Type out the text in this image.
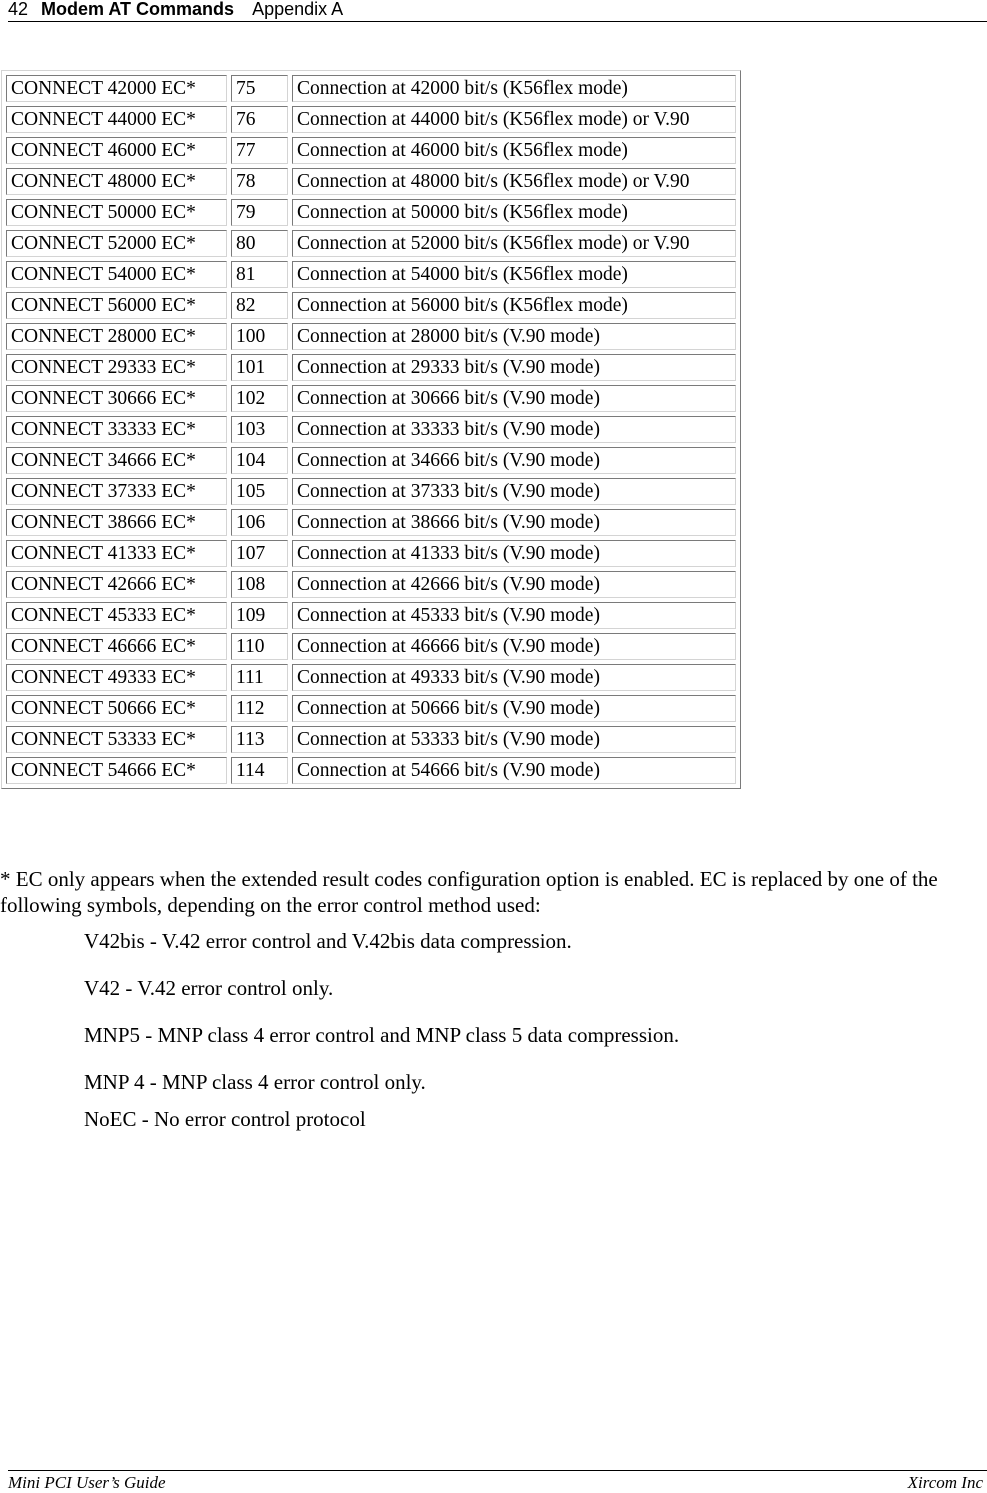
42 Modem AT Commands Appendix A
CONNECT 42000 EC*	75	Connection at 42000 bit/s (K56flex mode)
CONNECT 44000 EC*	76	Connection at 44000 bit/s (K56flex mode) or V.90
CONNECT 46000 EC*	77	Connection at 46000 bit/s (K56flex mode)
CONNECT 48000 EC*	78	Connection at 48000 bit/s (K56flex mode) or V.90
CONNECT 50000 EC*	79	Connection at 50000 bit/s (K56flex mode)
CONNECT 52000 EC*	80	Connection at 52000 bit/s (K56flex mode) or V.90
CONNECT 54000 EC*	81	Connection at 54000 bit/s (K56flex mode)
CONNECT 56000 EC*	82	Connection at 56000 bit/s (K56flex mode)
CONNECT 28000 EC*	100	Connection at 28000 bit/s (V.90 mode)
CONNECT 29333 EC*	101	Connection at 29333 bit/s (V.90 mode)
CONNECT 30666 EC*	102	Connection at 30666 bit/s (V.90 mode)
CONNECT 33333 EC*	103	Connection at 33333 bit/s (V.90 mode)
CONNECT 34666 EC*	104	Connection at 34666 bit/s (V.90 mode)
CONNECT 37333 EC*	105	Connection at 37333 bit/s (V.90 mode)
CONNECT 38666 EC*	106	Connection at 38666 bit/s (V.90 mode)
CONNECT 41333 EC*	107	Connection at 41333 bit/s (V.90 mode)
CONNECT 42666 EC*	108	Connection at 42666 bit/s (V.90 mode)
CONNECT 45333 EC*	109	Connection at 45333 bit/s (V.90 mode)
CONNECT 46666 EC*	110	Connection at 46666 bit/s (V.90 mode)
CONNECT 49333 EC*	111	Connection at 49333 bit/s (V.90 mode)
CONNECT 50666 EC*	112	Connection at 50666 bit/s (V.90 mode)
CONNECT 53333 EC*	113	Connection at 53333 bit/s (V.90 mode)
CONNECT 54666 EC*	114	Connection at 54666 bit/s (V.90 mode)
* EC only appears when the extended result codes configuration option is enabled. EC is replaced by one of the following symbols, depending on the error control method used:
V42bis - V.42 error control and V.42bis data compression.
V42 - V.42 error control only.
MNP5 - MNP class 4 error control and MNP class 5 data compression.
MNP 4 - MNP class 4 error control only.
NoEC - No error control protocol
Mini PCI User’s Guide	Xircom Inc
